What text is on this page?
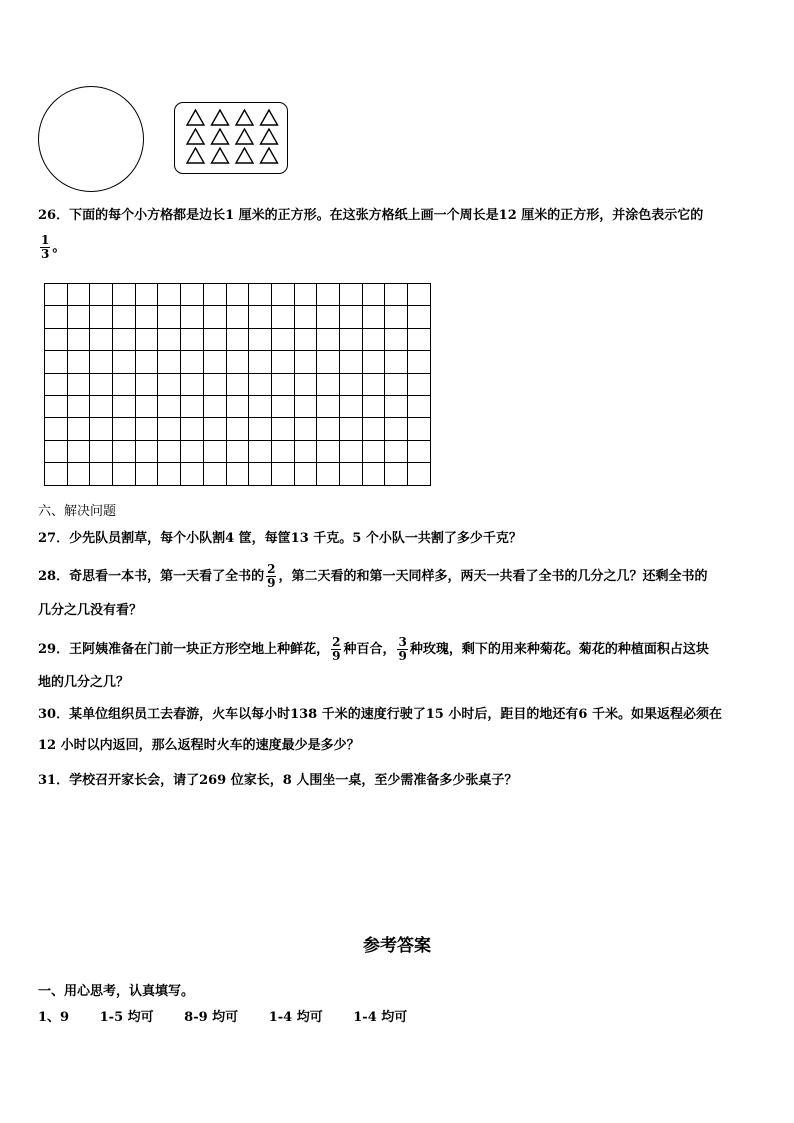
26．下面的每个小方格都是边长1 厘米的正方形。在这张方格纸上画一个周长是12 厘米的正方形，并涂色表示它的
$\frac{1}{3}$ 。

六、解决问题
27．少先队员割草，每个小队割4 筐，每筐13 千克。5 个小队一共割了多少千克？
28．奇思看一本书，第一天看了全书的 $\frac{2}{9}$ ，第二天看的和第一天同样多，两天一共看了全书的几分之几？还剩全书的
几分之几没有看？
29．王阿姨准备在门前一块正方形空地上种鲜花， $\frac{2}{9}$ 种百合， $\frac{3}{9}$ 种玫瑰，剩下的用来种菊花。菊花的种植面积占这块
地的几分之几？
30．某单位组织员工去春游，火车以每小时138 千米的速度行驶了15 小时后，距目的地还有6 千米。如果返程必须在
12 小时以内返回，那么返程时火车的速度最少是多少？
31．学校召开家长会，请了269 位家长，8 人围坐一桌，至少需准备多少张桌子？
参考答案
一、用心思考，认真填写。
1、9 1-5 均可 8-9 均可 1-4 均可 1-4 均可
